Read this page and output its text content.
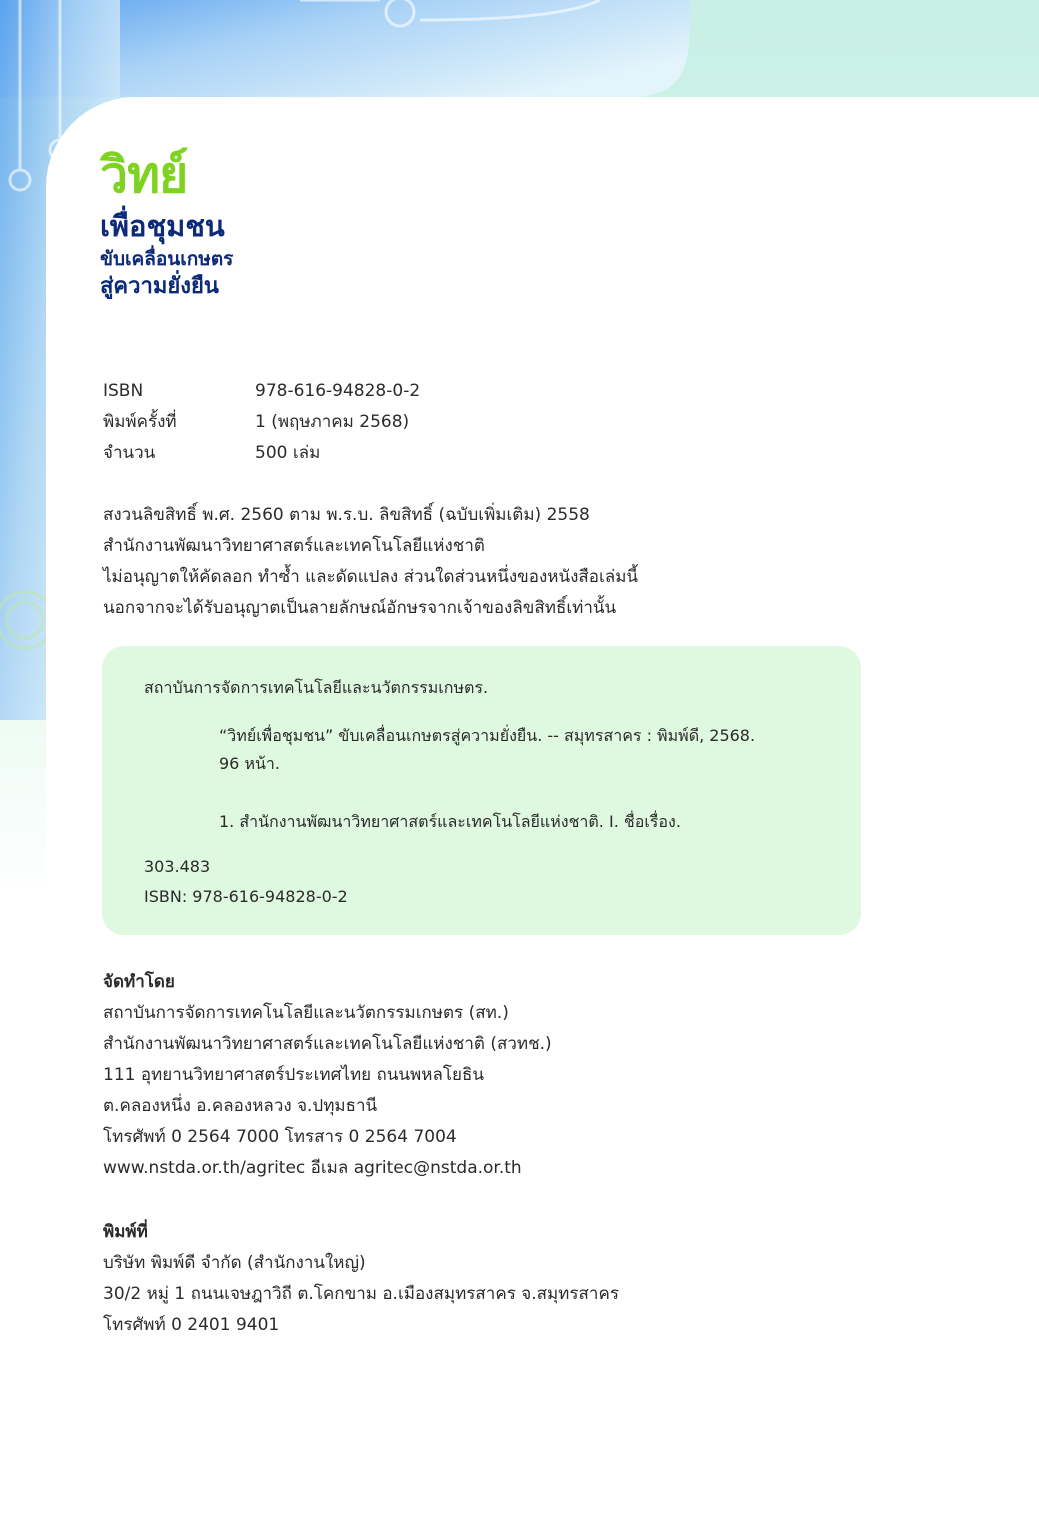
วิทย์
เพื่อชุมชน
ขับเคลื่อนเกษตร
สู่ความยั่งยืน
ISBN	978-616-94828-0-2
พิมพ์ครั้งที่	1 (พฤษภาคม 2568)
จำนวน	500 เล่ม
สงวนลิขสิทธิ์ พ.ศ. 2560 ตาม พ.ร.บ. ลิขสิทธิ์ (ฉบับเพิ่มเติม) 2558
สำนักงานพัฒนาวิทยาศาสตร์และเทคโนโลยีแห่งชาติ
ไม่อนุญาตให้คัดลอก ทำซ้ำ และดัดแปลง ส่วนใดส่วนหนึ่งของหนังสือเล่มนี้
นอกจากจะได้รับอนุญาตเป็นลายลักษณ์อักษรจากเจ้าของลิขสิทธิ์เท่านั้น
สถาบันการจัดการเทคโนโลยีและนวัตกรรมเกษตร.
“วิทย์เพื่อชุมชน” ขับเคลื่อนเกษตรสู่ความยั่งยืน. -- สมุทรสาคร : พิมพ์ดี, 2568.
96 หน้า.
1. สำนักงานพัฒนาวิทยาศาสตร์และเทคโนโลยีแห่งชาติ. I. ชื่อเรื่อง.
303.483
ISBN: 978-616-94828-0-2
จัดทำโดย
สถาบันการจัดการเทคโนโลยีและนวัตกรรมเกษตร (สท.)
สำนักงานพัฒนาวิทยาศาสตร์และเทคโนโลยีแห่งชาติ (สวทช.)
111 อุทยานวิทยาศาสตร์ประเทศไทย ถนนพหลโยธิน
ต.คลองหนึ่ง อ.คลองหลวง จ.ปทุมธานี
โทรศัพท์ 0 2564 7000 โทรสาร 0 2564 7004
www.nstda.or.th/agritec อีเมล agritec@nstda.or.th
พิมพ์ที่
บริษัท พิมพ์ดี จำกัด (สำนักงานใหญ่)
30/2 หมู่ 1 ถนนเจษฎาวิถี ต.โคกขาม อ.เมืองสมุทรสาคร จ.สมุทรสาคร
โทรศัพท์ 0 2401 9401
